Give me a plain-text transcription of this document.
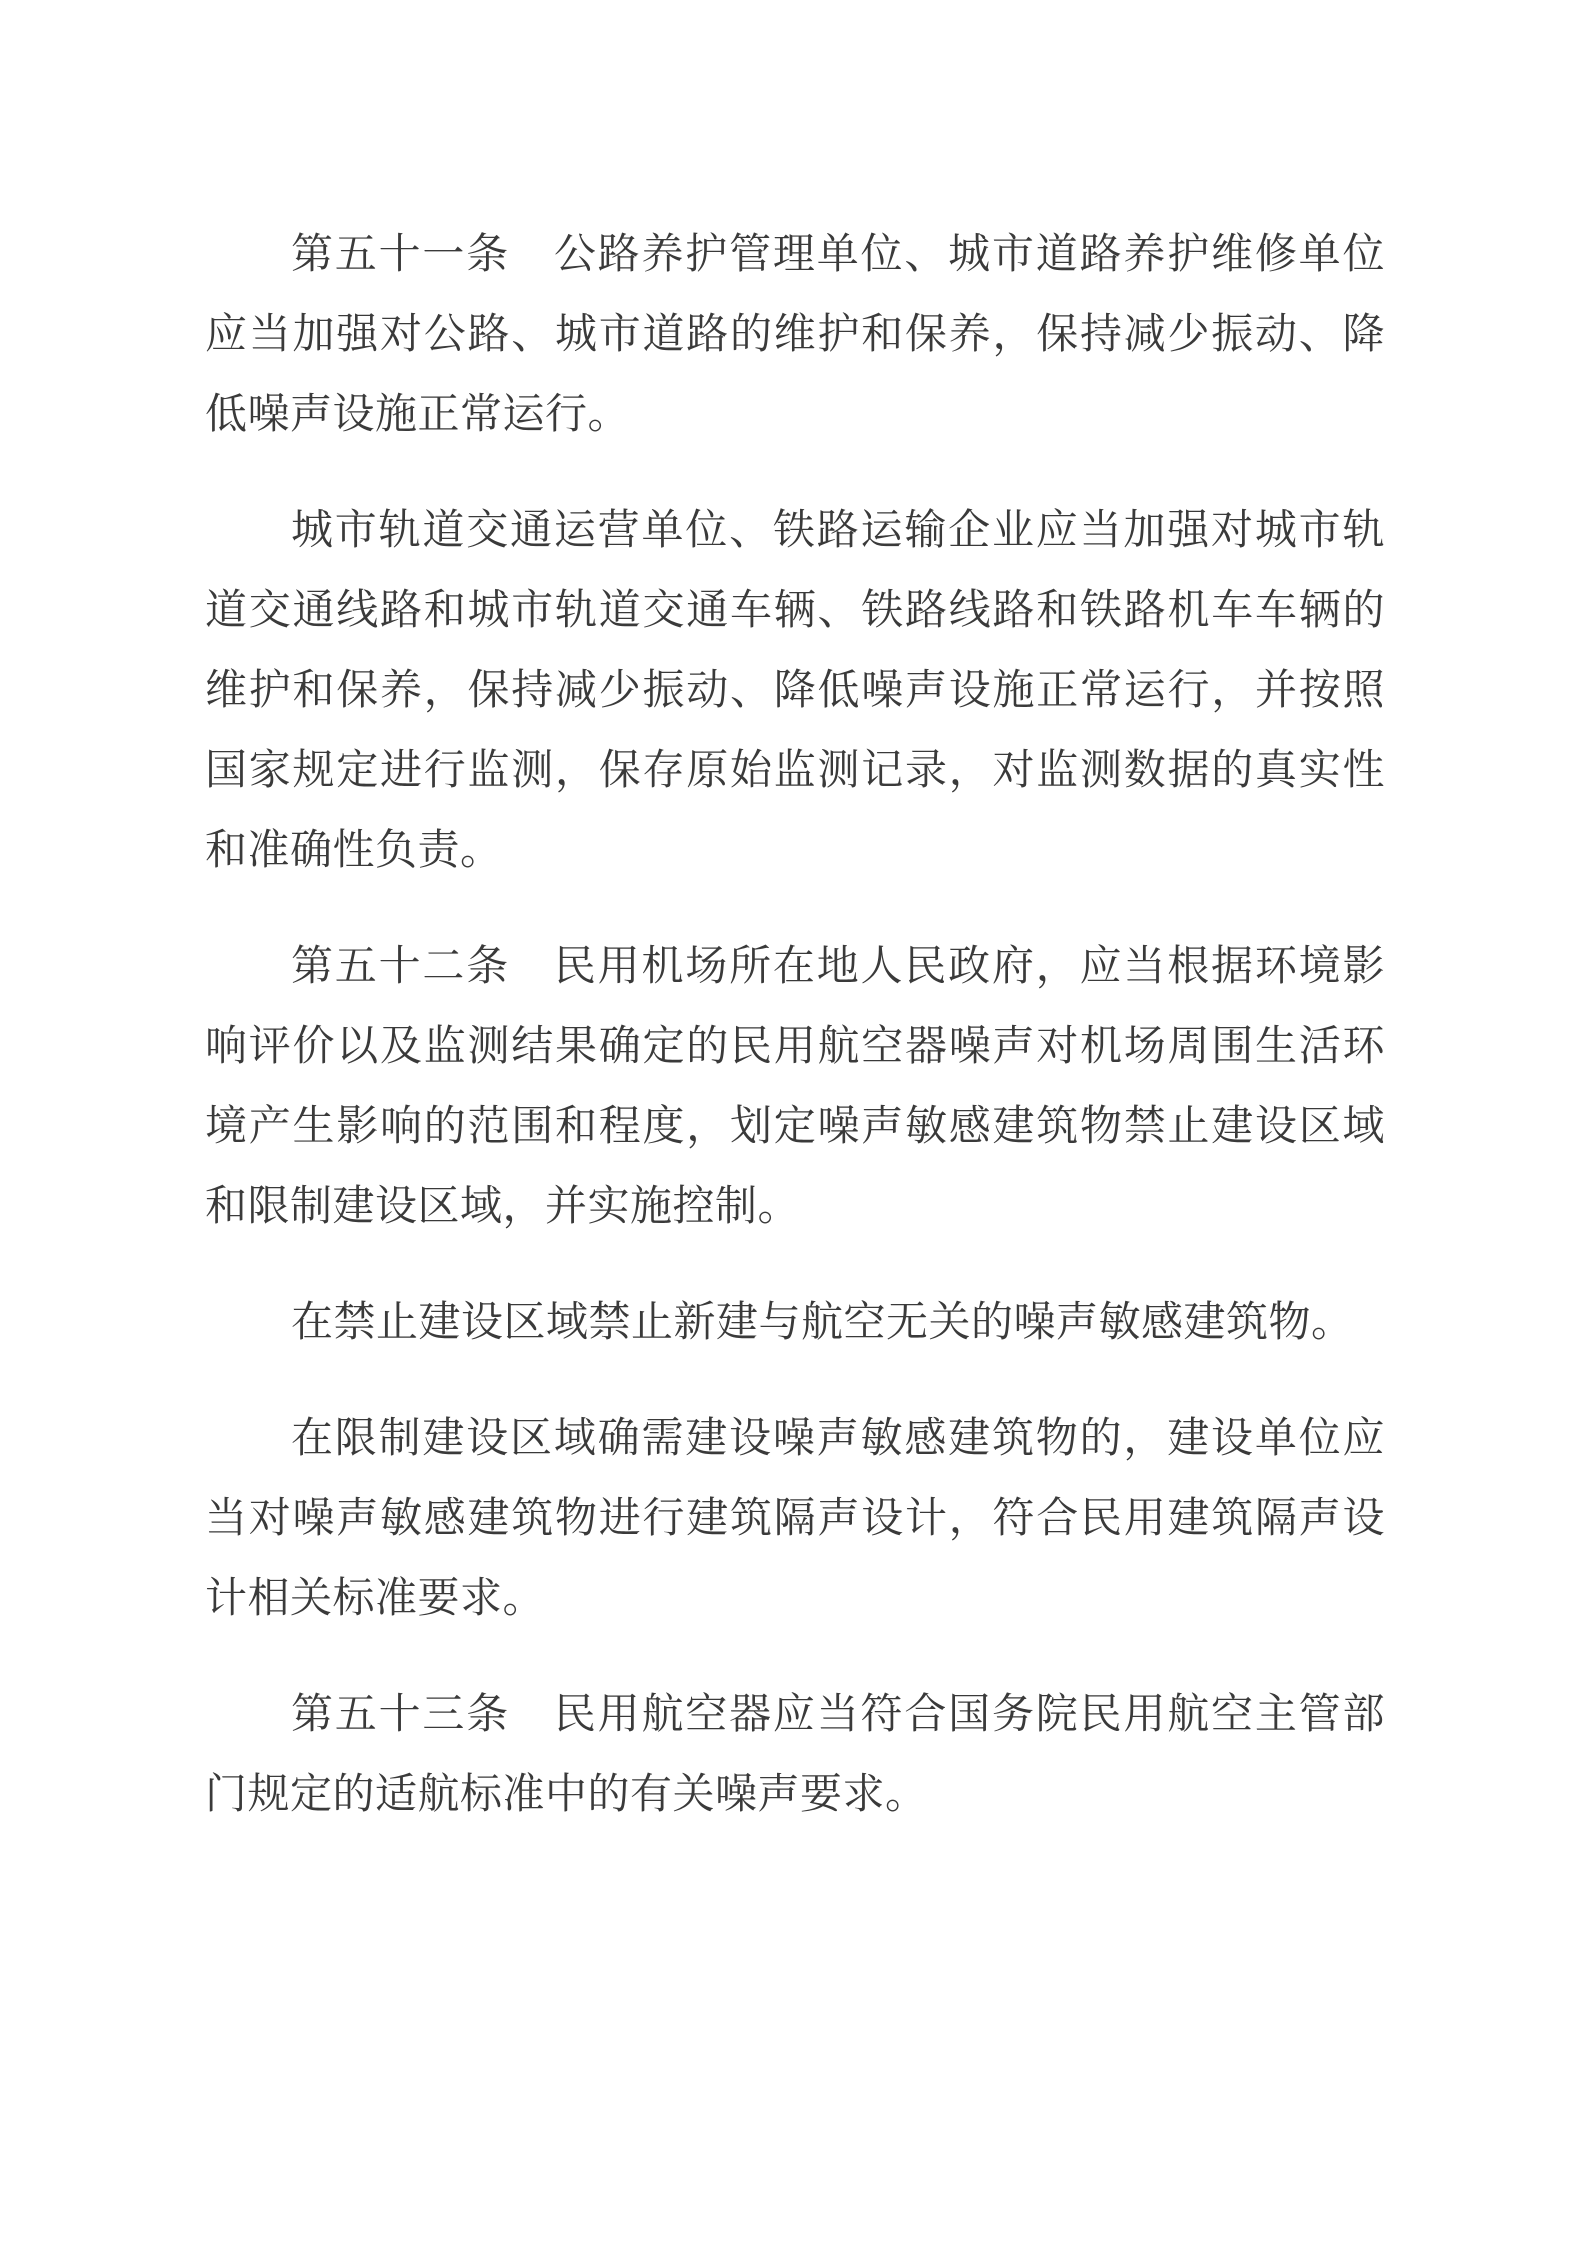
第五十一条　公路养护管理单位、城市道路养护维修单位应当加强对公路、城市道路的维护和保养，保持减少振动、降低噪声设施正常运行。

城市轨道交通运营单位、铁路运输企业应当加强对城市轨道交通线路和城市轨道交通车辆、铁路线路和铁路机车车辆的维护和保养，保持减少振动、降低噪声设施正常运行，并按照国家规定进行监测，保存原始监测记录，对监测数据的真实性和准确性负责。

第五十二条　民用机场所在地人民政府，应当根据环境影响评价以及监测结果确定的民用航空器噪声对机场周围生活环境产生影响的范围和程度，划定噪声敏感建筑物禁止建设区域和限制建设区域，并实施控制。

在禁止建设区域禁止新建与航空无关的噪声敏感建筑物。

在限制建设区域确需建设噪声敏感建筑物的，建设单位应当对噪声敏感建筑物进行建筑隔声设计，符合民用建筑隔声设计相关标准要求。

第五十三条　民用航空器应当符合国务院民用航空主管部门规定的适航标准中的有关噪声要求。
